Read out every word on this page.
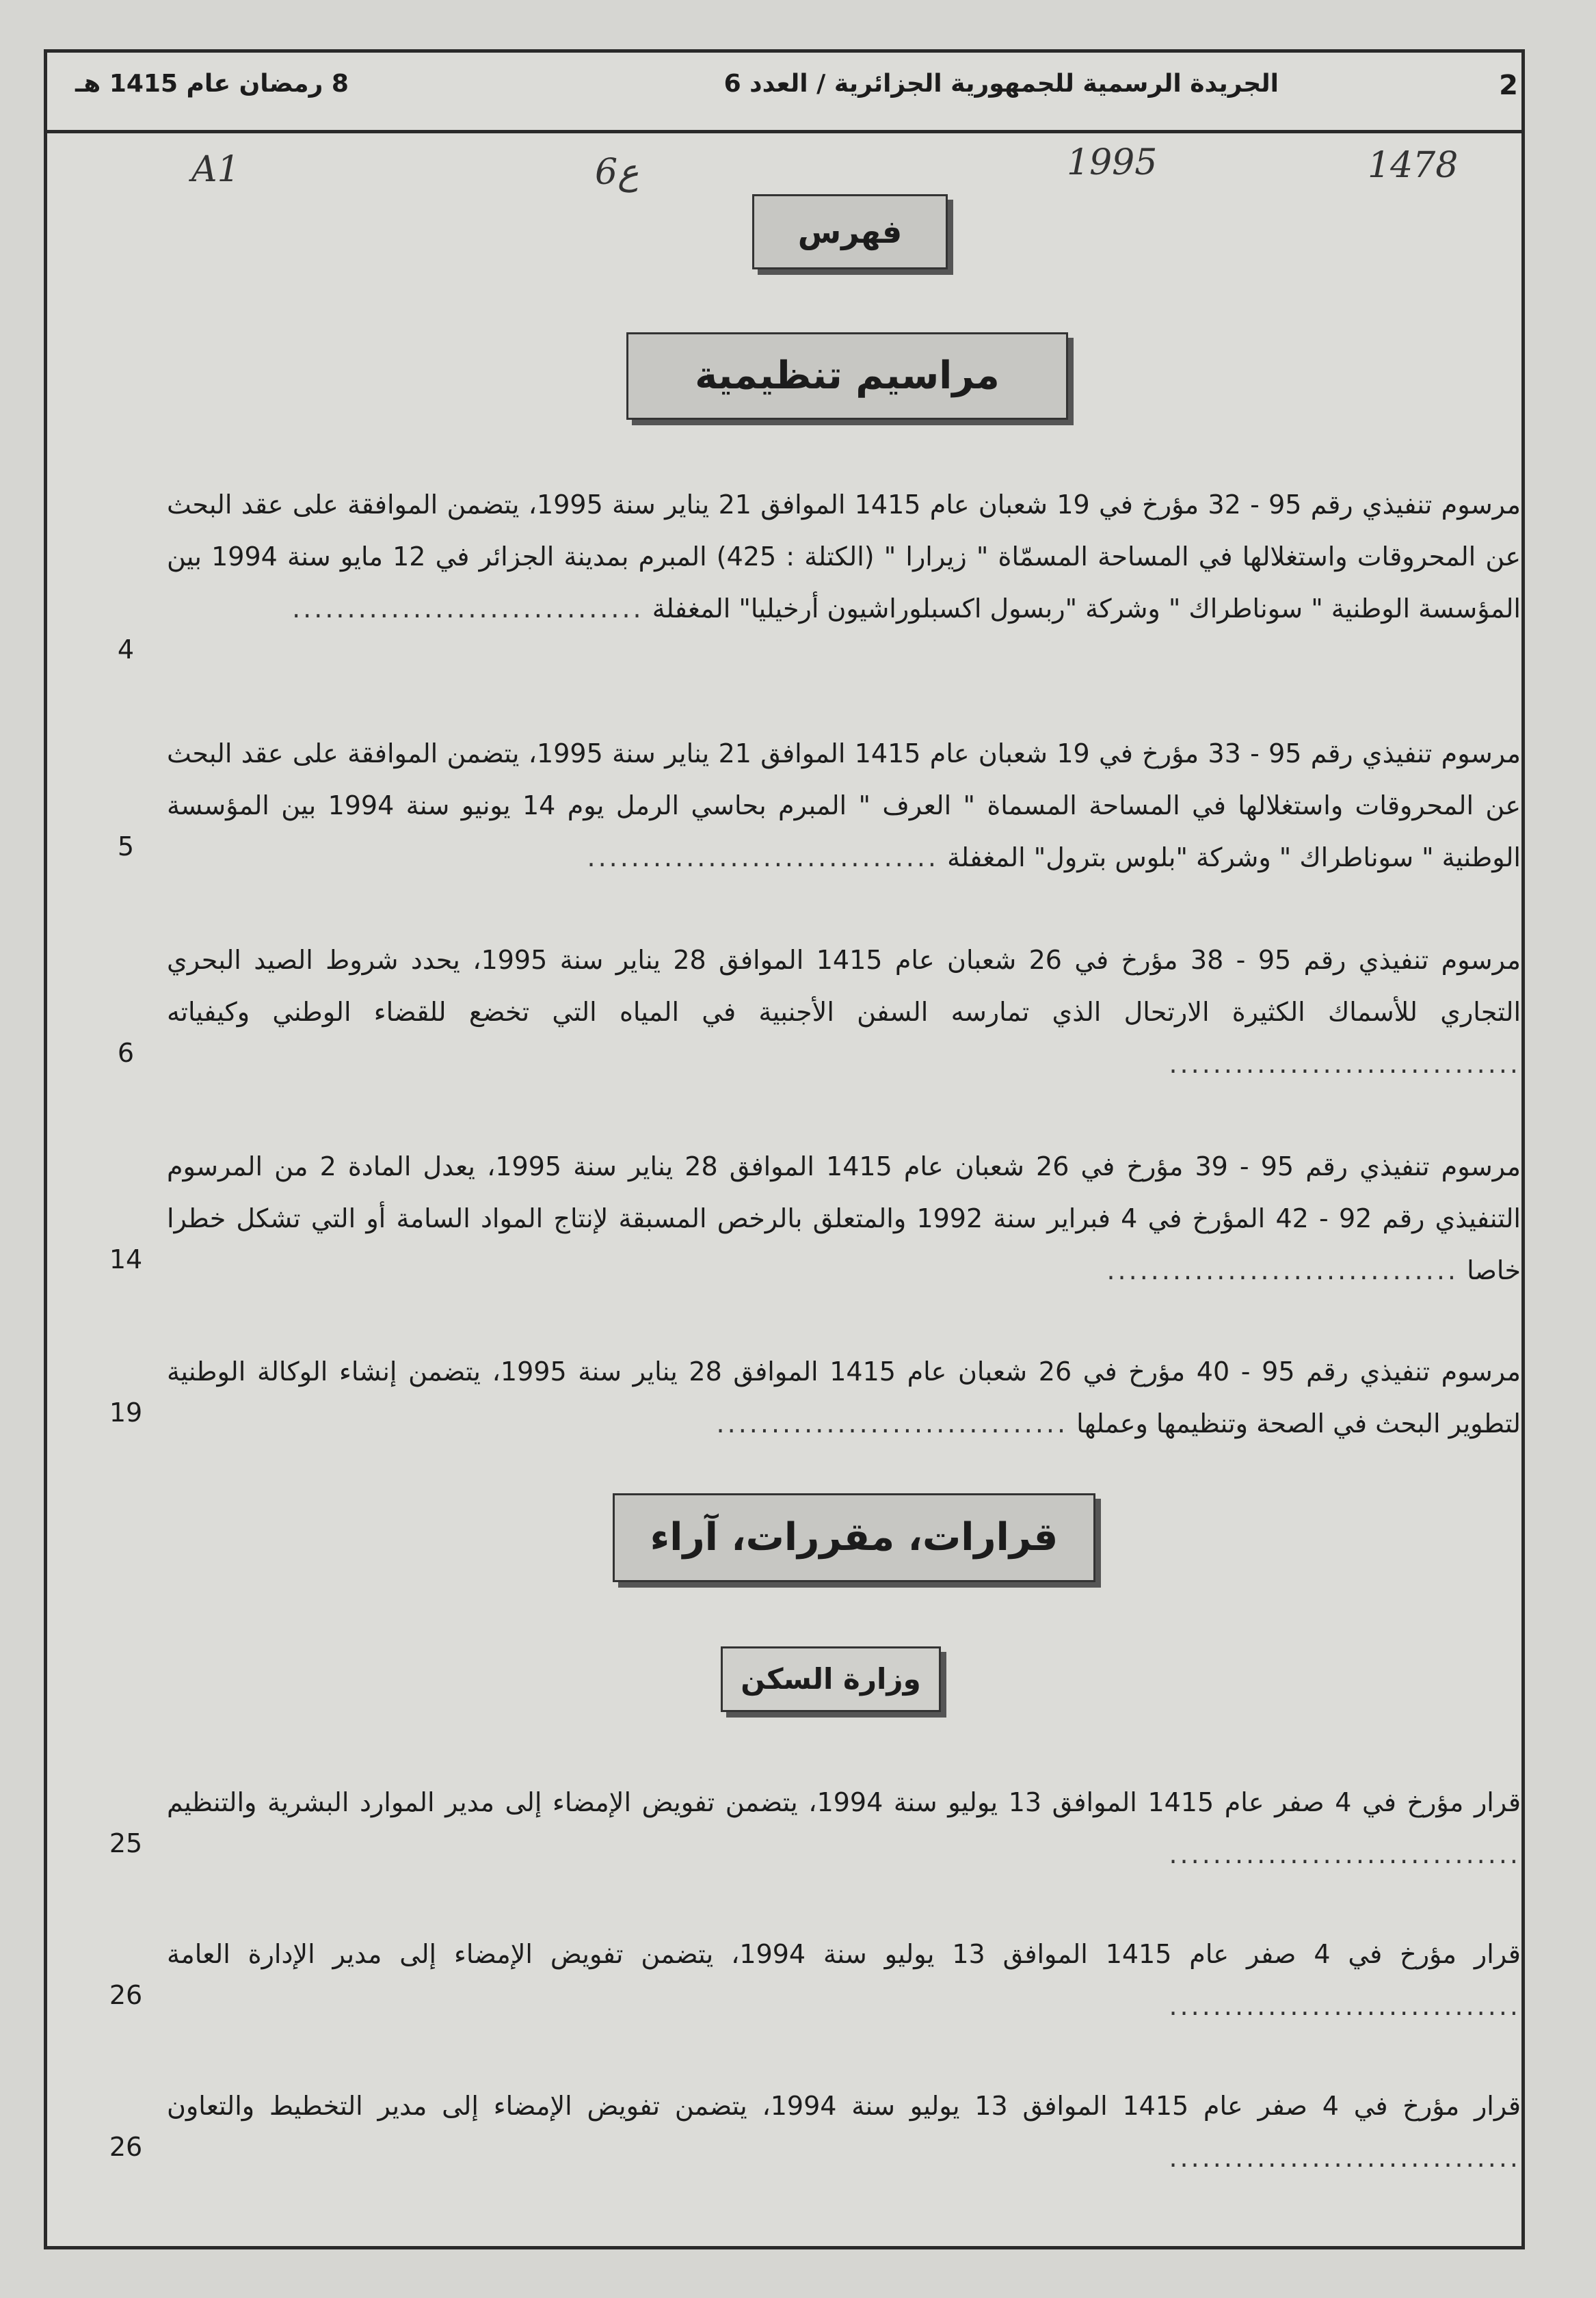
2
الجريدة الرسمية للجمهورية الجزائرية / العدد 6
8 رمضان عام 1415 هـ
A1	6ع	1995	1478
فهرس
مراسيم تنظيمية
مرسوم تنفيذي رقم 95 - 32 مؤرخ في 19 شعبان عام 1415 الموافق 21 يناير سنة 1995، يتضمن الموافقة على عقد البحث عن المحروقات واستغلالها في المساحة المسمّاة " زيرارا " (الكتلة : 425) المبرم بمدينة الجزائر في 12 مايو سنة 1994 بين المؤسسة الوطنية " سوناطراك " وشركة "ربسول اكسبلوراشيون أرخيليا" المغفلة ................................
4
مرسوم تنفيذي رقم 95 - 33 مؤرخ في 19 شعبان عام 1415 الموافق 21 يناير سنة 1995، يتضمن الموافقة على عقد البحث عن المحروقات واستغلالها في المساحة المسماة " العرف " المبرم بحاسي الرمل يوم 14 يونيو سنة 1994 بين المؤسسة الوطنية " سوناطراك " وشركة "بلوس بترول" المغفلة ................................
5
مرسوم تنفيذي رقم 95 - 38 مؤرخ في 26 شعبان عام 1415 الموافق 28 يناير سنة 1995، يحدد شروط الصيد البحري التجاري للأسماك الكثيرة الارتحال الذي تمارسه السفن الأجنبية في المياه التي تخضع للقضاء الوطني وكيفياته ................................
6
مرسوم تنفيذي رقم 95 - 39 مؤرخ في 26 شعبان عام 1415 الموافق 28 يناير سنة 1995، يعدل المادة 2 من المرسوم التنفيذي رقم 92 - 42 المؤرخ في 4 فبراير سنة 1992 والمتعلق بالرخص المسبقة لإنتاج المواد السامة أو التي تشكل خطرا خاصا ................................
14
مرسوم تنفيذي رقم 95 - 40 مؤرخ في 26 شعبان عام 1415 الموافق 28 يناير سنة 1995، يتضمن إنشاء الوكالة الوطنية لتطوير البحث في الصحة وتنظيمها وعملها ................................
19
قرارات، مقررات، آراء
وزارة السكن
قرار مؤرخ في 4 صفر عام 1415 الموافق 13 يوليو سنة 1994، يتضمن تفويض الإمضاء إلى مدير الموارد البشرية والتنظيم ................................
25
قرار مؤرخ في 4 صفر عام 1415 الموافق 13 يوليو سنة 1994، يتضمن تفويض الإمضاء إلى مدير الإدارة العامة ................................
26
قرار مؤرخ في 4 صفر عام 1415 الموافق 13 يوليو سنة 1994، يتضمن تفويض الإمضاء إلى مدير التخطيط والتعاون ................................
26
